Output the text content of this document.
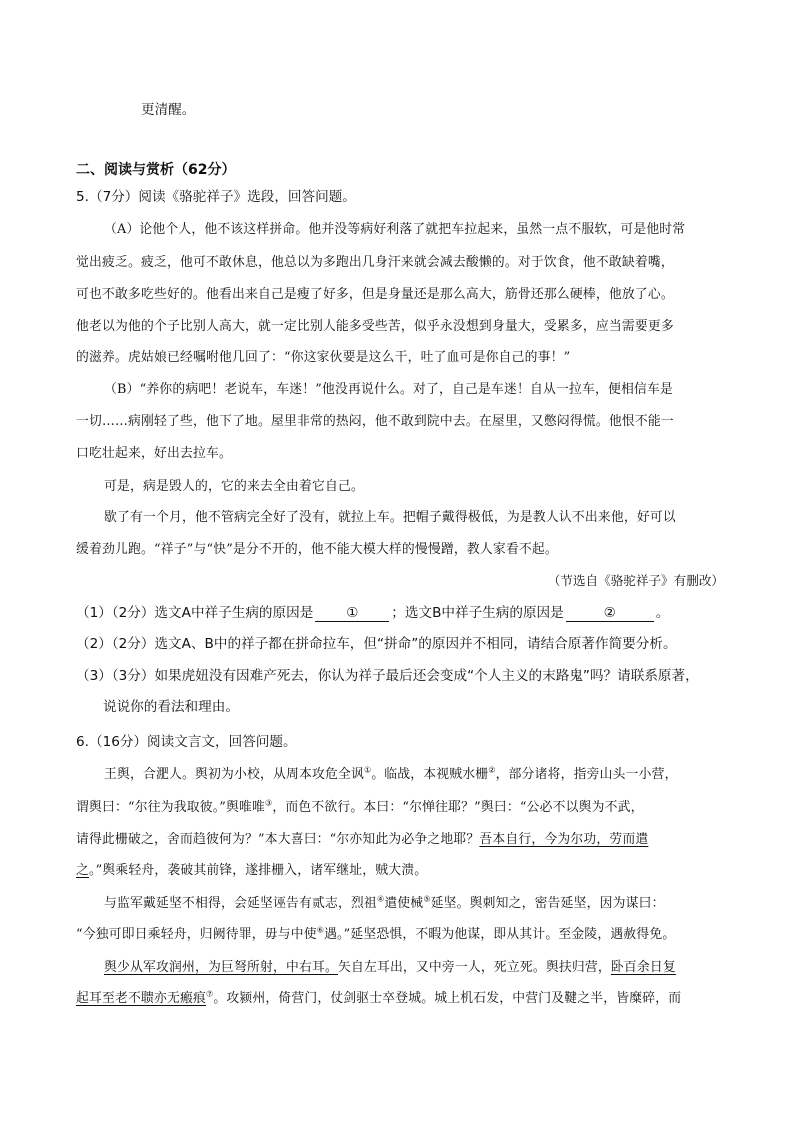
更清醒。
二、阅读与赏析（62分）
5.（7分）阅读《骆驼祥子》选段，回答问题。
（A）论他个人，他不该这样拼命。他并没等病好利落了就把车拉起来，虽然一点不服软，可是他时常
觉出疲乏。疲乏，他可不敢休息，他总以为多跑出几身汗来就会减去酸懒的。对于饮食，他不敢缺着嘴，
可也不敢多吃些好的。他看出来自己是瘦了好多，但是身量还是那么高大，筋骨还那么硬棒，他放了心。
他老以为他的个子比别人高大，就一定比别人能多受些苦，似乎永没想到身量大，受累多，应当需要更多
的滋养。虎姑娘已经嘱咐他几回了：“你这家伙要是这么干，吐了血可是你自己的事！”
（B）“养你的病吧！老说车，车迷！”他没再说什么。对了，自己是车迷！自从一拉车，便相信车是
一切……病刚轻了些，他下了地。屋里非常的热闷，他不敢到院中去。在屋里，又憋闷得慌。他恨不能一
口吃壮起来，好出去拉车。
可是，病是毁人的，它的来去全由着它自己。
歇了有一个月，他不管病完全好了没有，就拉上车。把帽子戴得极低，为是教人认不出来他，好可以
缓着劲儿跑。“祥子”与“快”是分不开的，他不能大模大样的慢慢蹭，教人家看不起。
（节选自《骆驼祥子》有删改）
（1）（2分）选文A中祥子生病的原因是 ① ；选文B中祥子生病的原因是	②	。
（2）（2分）选文A、B中的祥子都在拼命拉车，但“拼命”的原因并不相同，请结合原著作简要分析。
（3）（3分）如果虎妞没有因难产死去，你认为祥子最后还会变成“个人主义的末路鬼”吗？请联系原著，
说说你的看法和理由。
6.（16分）阅读文言文，回答问题。
王舆，合淝人。舆初为小校，从周本攻危全讽①。临战，本视贼水栅②，部分诸将，指旁山头一小营，
谓舆曰：“尔往为我取彼。”舆唯唯③，而色不欲行。本曰：“尔惮往耶？”舆曰：“公必不以舆为不武，
请得此栅破之，舍而趋彼何为？”本大喜曰：“尔亦知此为必争之地耶？吾本自行，今为尔功，劳而遣
之。”舆乘轻舟，袭破其前锋，遂排栅入，诸军继址，贼大溃。
与监军戴延坚不相得，会延坚诬告有贰志，烈祖④遣使械⑤延坚。舆刺知之，密告延坚，因为谋曰：
“今独可即日乘轻舟，归阙待罪，毋与中使⑥遇。”延坚恐惧，不暇为他谋，即从其计。至金陵，遇赦得免。
舆少从军攻润州，为巨弩所射，中右耳。矢自左耳出，又中旁一人，死立死。舆扶归营，卧百余日复
起耳至老不聩亦无瘢痕⑦。攻颍州，倚营门，仗剑驱士卒登城。城上机石发，中营门及鞬之半，皆糜碎，而
